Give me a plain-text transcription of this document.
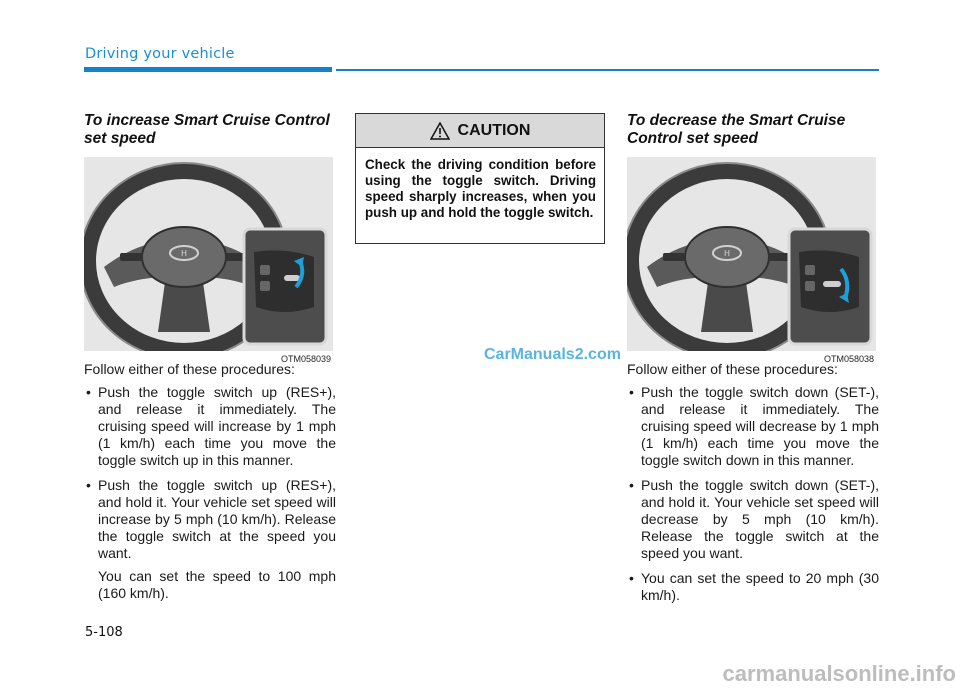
Driving your vehicle
To increase Smart Cruise Control set speed
H
OTM058039

Follow either of these procedures:

• Push the toggle switch up (RES+), and release it immediately. The cruising speed will increase by 1 mph (1 km/h) each time you move the toggle switch up in this manner.
• Push the toggle switch up (RES+), and hold it. Your vehicle set speed will increase by 5 mph (10 km/h). Release the toggle switch at the speed you want.
You can set the speed to 100 mph (160 km/h).
CAUTION
Check the driving condition before using the toggle switch. Driving speed sharply increases, when you push up and hold the toggle switch.
CarManuals2.com
To decrease the Smart Cruise Control set speed
H
OTM058038

Follow either of these procedures:

• Push the toggle switch down (SET-), and release it immediately. The cruising speed will decrease by 1 mph (1 km/h) each time you move the toggle switch down in this manner.
• Push the toggle switch down (SET-), and hold it. Your vehicle set speed will decrease by 5 mph (10 km/h). Release the toggle switch at the speed you want.
• You can set the speed to 20 mph (30 km/h).
5-108
carmanualsonline.info
